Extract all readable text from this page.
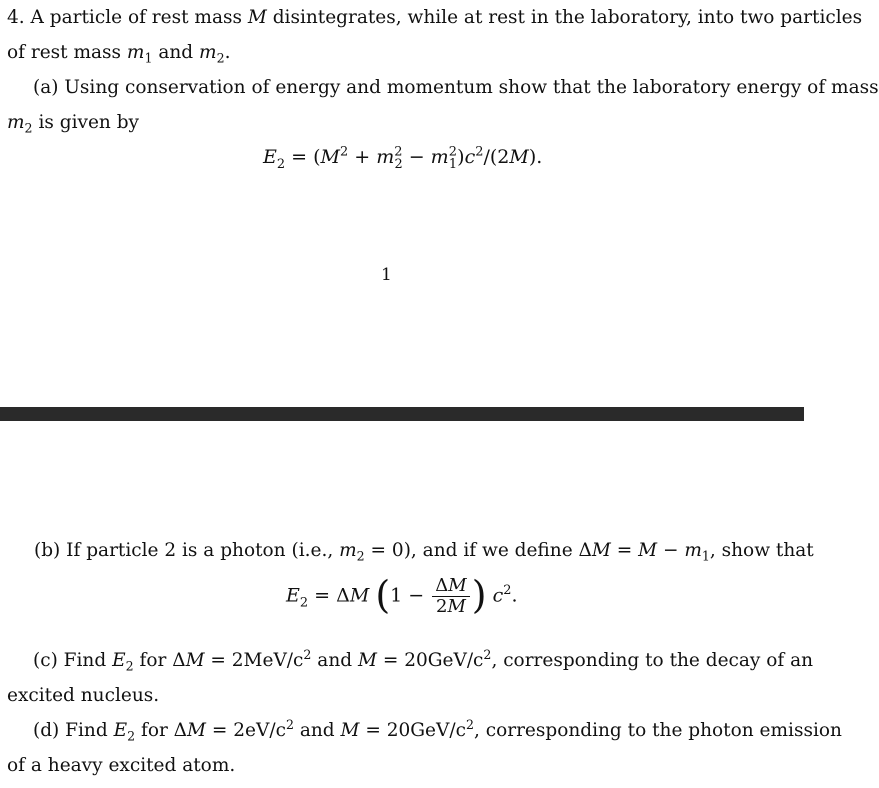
4. A particle of rest mass M disintegrates, while at rest in the laboratory, into two particles
of rest mass $m_1$ and $m_2$.
(a) Using conservation of energy and momentum show that the laboratory energy of mass
$m_2$ is given by
$E_2 = (M^2 + m^2_2 - m^2_1)c^2/(2M)$.
1
(b) If particle 2 is a photon (i.e., $m_2 = 0$), and if we define $\Delta M = M - m_1$, show that
$E_2 = \Delta M$ ($1 - \frac{\Delta M}{2M}$ ) $c^2$.
(c) Find $E_2$ for $\Delta M = 2MeV/c^2$ and $M = 20GeV/c^2$, corresponding to the decay of an
excited nucleus.
(d) Find $E_2$ for $\Delta M = 2eV/c^2$ and $M = 20GeV/c^2$, corresponding to the photon emission
of a heavy excited atom.
